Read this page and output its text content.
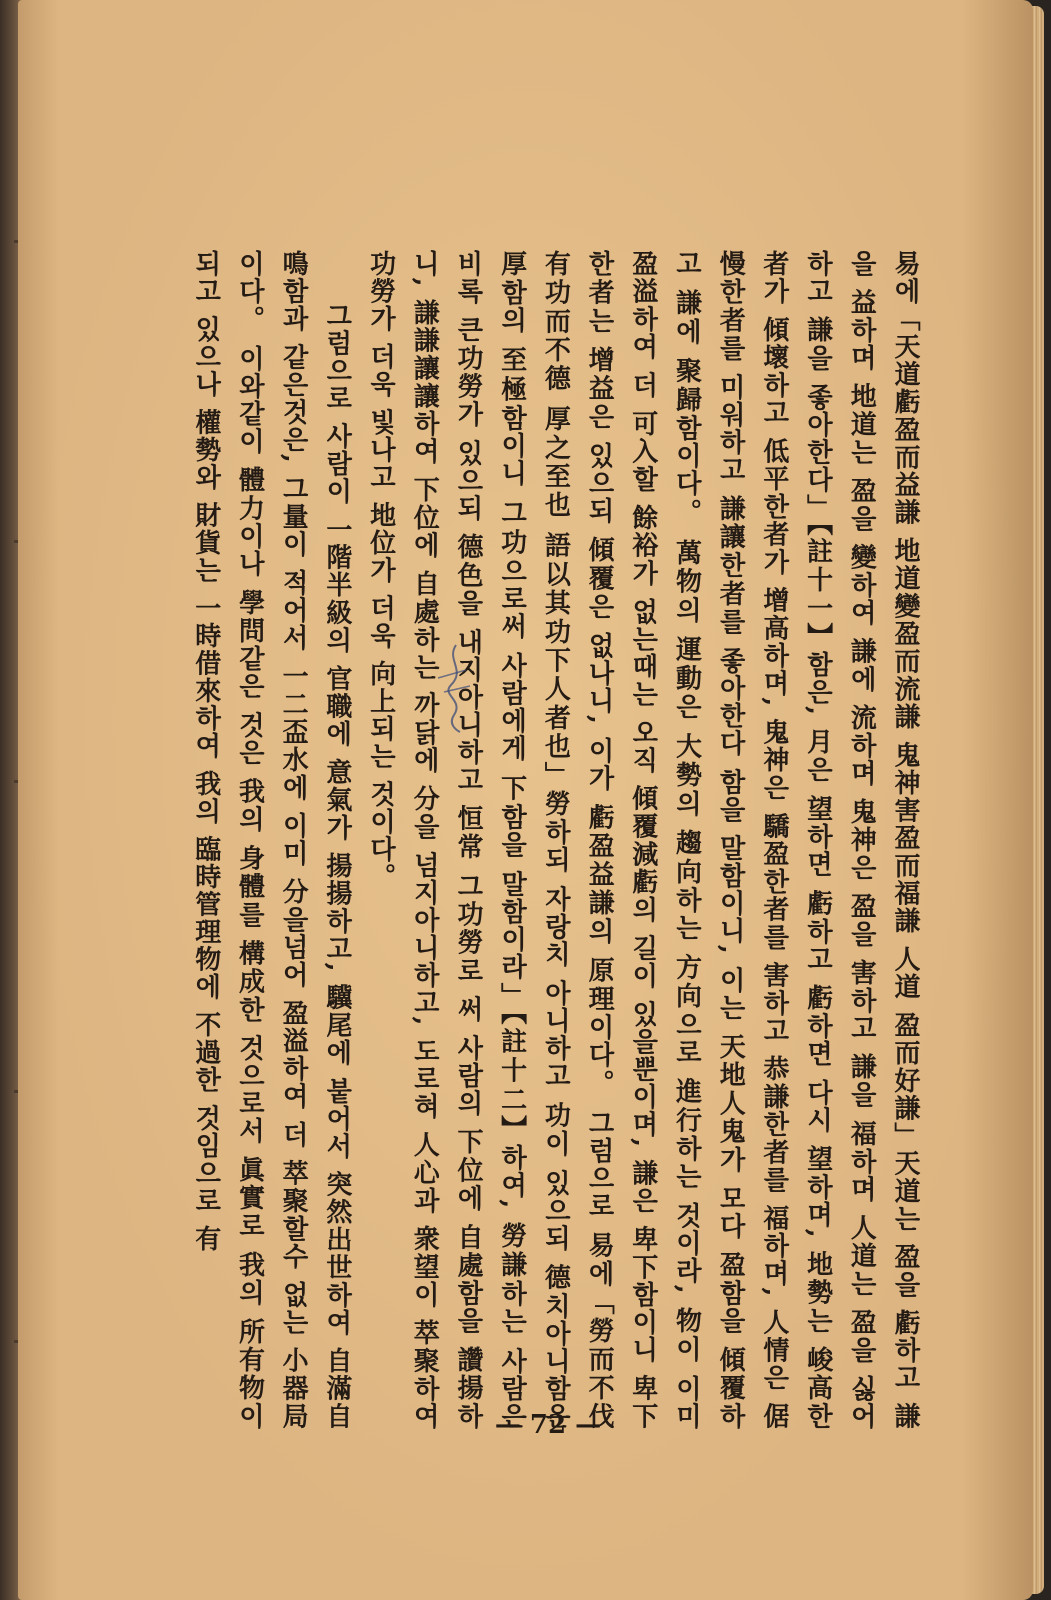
易에「天道虧盈而益謙 地道變盈而流謙 鬼神害盈而福謙 人道 盈而好謙」天道는 盈을 虧하고 謙을 益하며 地道는 盈을 變하여 謙에 流하며 鬼神은 盈을 害하고 謙을 福하며 人道는 盈을 싫어하고 謙을 좋아한다」【註十一】함은, 月은 望하면 虧하고 虧하면 다시 望하며, 地勢는 峻高한者가 傾壞하고 低平한者가 增高하며, 鬼神은 驕盈한者를 害하고 恭謙한者를 福하며, 人情은 倨慢한者를 미워하고 謙讓한者를 좋아한다 함을 말함이니, 이는 天地人鬼가 모다 盈함을 傾覆하고 謙에 聚歸함이다。 萬物의 運動은 大勢의 趨向하는 方向으로 進行하는 것이라, 物이 이미 盈溢하여 더 可入할 餘裕가 없는때는 오직 傾覆減虧의 길이 있을뿐이며, 謙은 卑下함이니 卑下한者는 增益은 있으되 傾覆은 없나니, 이가 虧盈益謙의 原理이다。 그럼으로 易에「勞而不伐 有功而不德 厚之至也 語以其功下人者也」勞하되 자랑치 아니하고 功이 있으되 德치아니함은 厚함의 至極함이니 그功으로써 사람에게 下함을 말함이라」【註十二】하여, 勞謙하는 사람은 비록 큰功勞가 있으되 德色을 내지아니하고 恒常 그功勞로 써 사람의 下位에 自處함을 讚揚하니, 謙謙讓讓하여 下位에 自處하는 까닭에 分을 넘지아니하고, 도로혀 人心과 衆望이 萃聚하여 功勞가 더욱 빛나고 地位가 더욱 向上되는 것이다。

그럼으로 사람이 一階半級의 官職에 意氣가 揚揚하고, 驥尾에 붙어서 突然出世하여 自滿自鳴함과 같은것은, 그量이 적어서 一二盃水에 이미 分을넘어 盈溢하여 더 萃聚할수 없는 小器局이다。 이와같이 體力이나 學問같은 것은 我의 身體를 構成한 것으로서 眞實로 我의 所有物이 되고 있으나 權勢와 財貨는 一時借來하여 我의 臨時管理物에 不過한 것임으로 有

— 72 —
